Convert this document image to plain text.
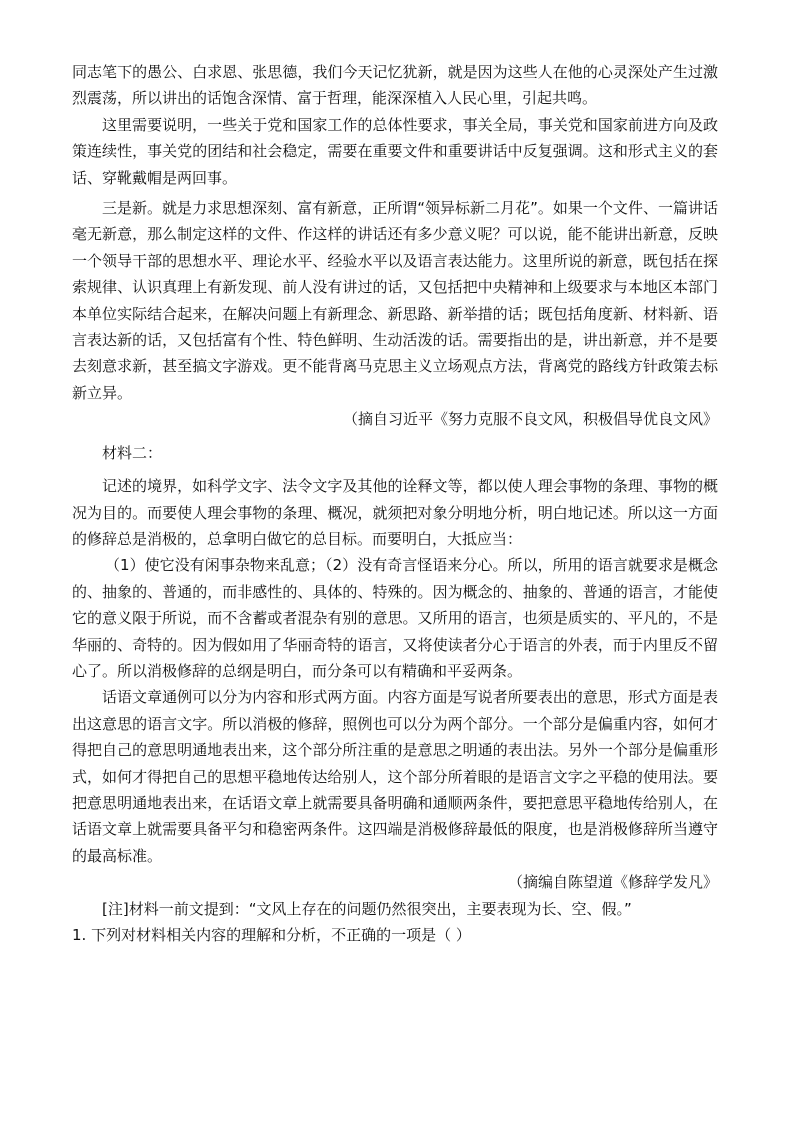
同志笔下的愚公、白求恩、张思德，我们今天记忆犹新，就是因为这些人在他的心灵深处产生过激烈震荡，所以讲出的话饱含深情、富于哲理，能深深植入人民心里，引起共鸣。

这里需要说明，一些关于党和国家工作的总体性要求，事关全局，事关党和国家前进方向及政策连续性，事关党的团结和社会稳定，需要在重要文件和重要讲话中反复强调。这和形式主义的套话、穿靴戴帽是两回事。

三是新。就是力求思想深刻、富有新意，正所谓“领异标新二月花”。如果一个文件、一篇讲话毫无新意，那么制定这样的文件、作这样的讲话还有多少意义呢？可以说，能不能讲出新意，反映一个领导干部的思想水平、理论水平、经验水平以及语言表达能力。这里所说的新意，既包括在探索规律、认识真理上有新发现、前人没有讲过的话，又包括把中央精神和上级要求与本地区本部门本单位实际结合起来，在解决问题上有新理念、新思路、新举措的话；既包括角度新、材料新、语言表达新的话，又包括富有个性、特色鲜明、生动活泼的话。需要指出的是，讲出新意，并不是要去刻意求新，甚至搞文字游戏。更不能背离马克思主义立场观点方法，背离党的路线方针政策去标新立异。

（摘自习近平《努力克服不良文风，积极倡导优良文风》

材料二：

记述的境界，如科学文字、法令文字及其他的诠释文等，都以使人理会事物的条理、事物的概况为目的。而要使人理会事物的条理、概况，就须把对象分明地分析，明白地记述。所以这一方面的修辞总是消极的，总拿明白做它的总目标。而要明白，大抵应当：

（1）使它没有闲事杂物来乱意；（2）没有奇言怪语来分心。所以，所用的语言就要求是概念的、抽象的、普通的，而非感性的、具体的、特殊的。因为概念的、抽象的、普通的语言，才能使它的意义限于所说，而不含蓄或者混杂有别的意思。又所用的语言，也须是质实的、平凡的，不是华丽的、奇特的。因为假如用了华丽奇特的语言，又将使读者分心于语言的外表，而于内里反不留心了。所以消极修辞的总纲是明白，而分条可以有精确和平妥两条。

话语文章通例可以分为内容和形式两方面。内容方面是写说者所要表出的意思，形式方面是表出这意思的语言文字。所以消极的修辞，照例也可以分为两个部分。一个部分是偏重内容，如何才得把自己的意思明通地表出来，这个部分所注重的是意思之明通的表出法。另外一个部分是偏重形式，如何才得把自己的思想平稳地传达给别人，这个部分所着眼的是语言文字之平稳的使用法。要把意思明通地表出来，在话语文章上就需要具备明确和通顺两条件，要把意思平稳地传给别人，在话语文章上就需要具备平匀和稳密两条件。这四端是消极修辞最低的限度，也是消极修辞所当遵守的最高标准。

（摘编自陈望道《修辞学发凡》

[注]材料一前文提到：“文风上存在的问题仍然很突出，主要表现为长、空、假。”

1. 下列对材料相关内容的理解和分析，不正确的一项是（ ）
